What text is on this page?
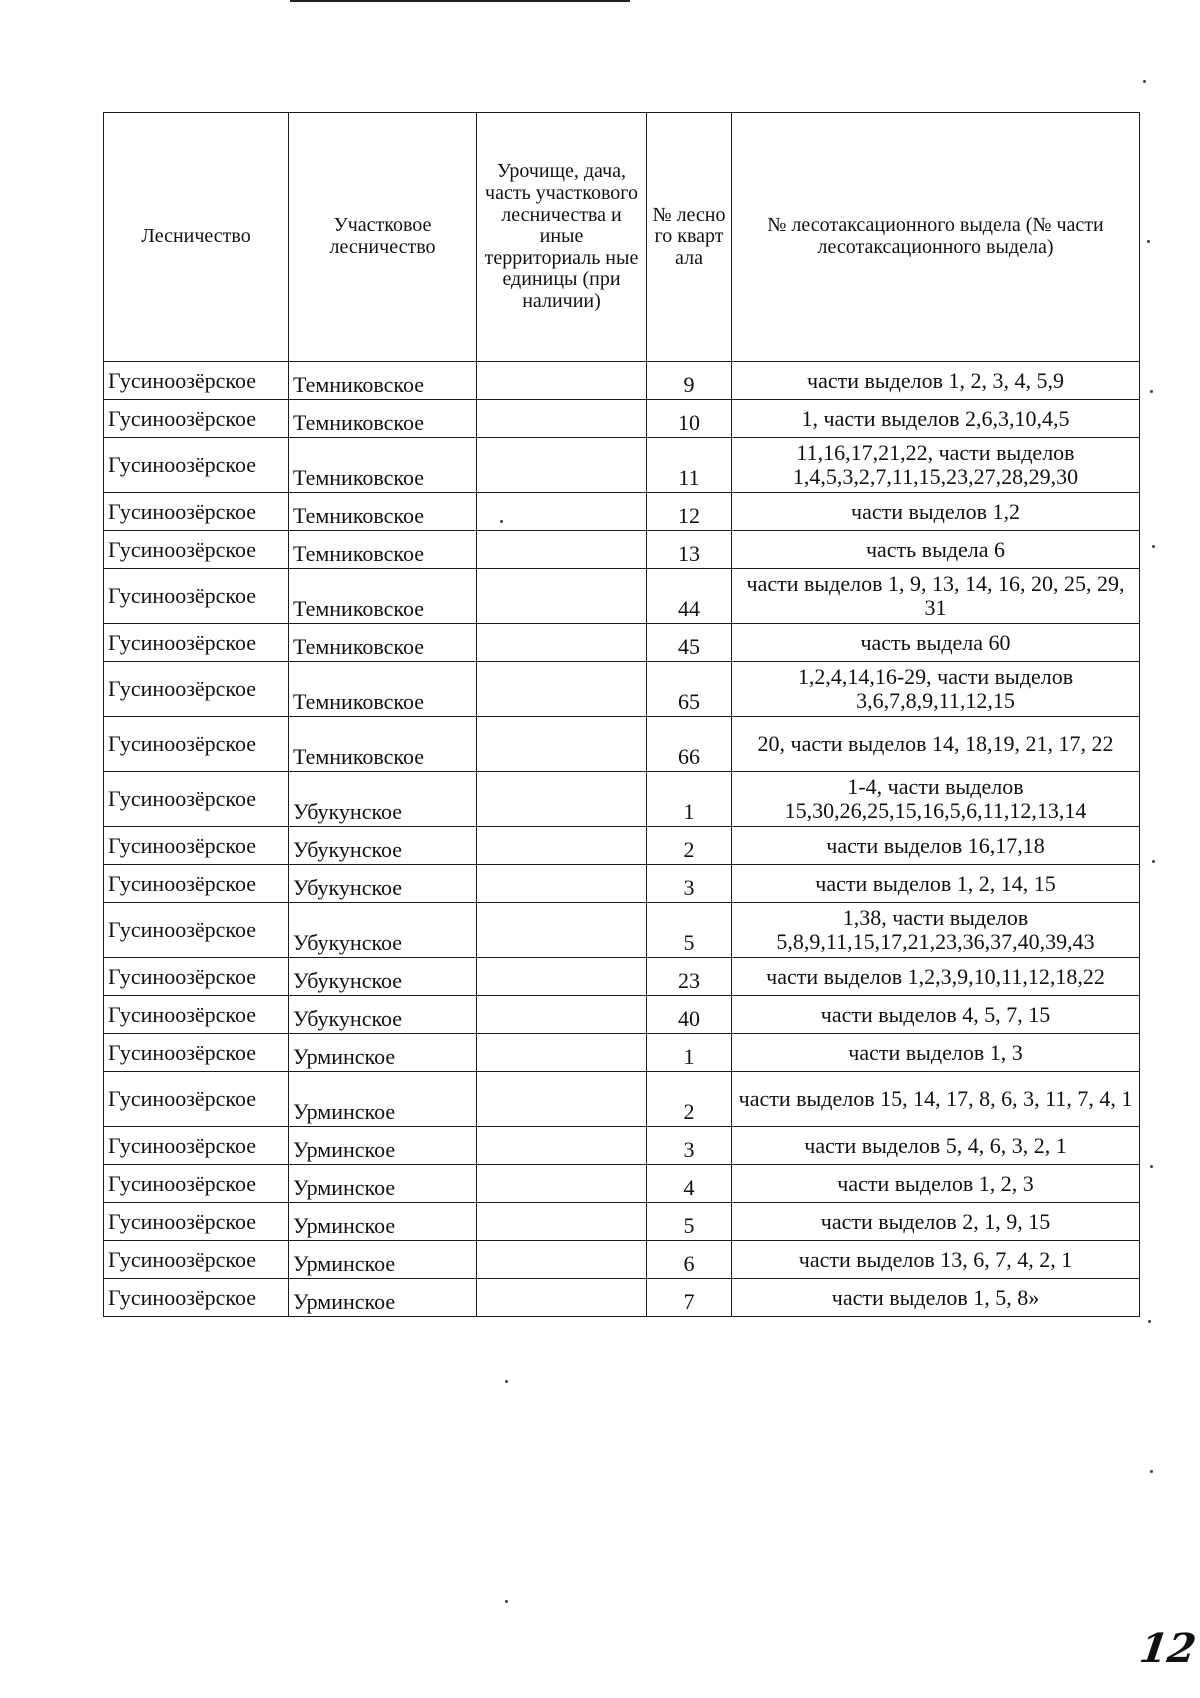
Лесничество	Участковое лесничество	Урочище, дача, часть участкового лесничества и иные территориаль ные единицы (при наличии)	№ лесно го кварт ала	№ лесотаксационного выдела (№ части лесотаксационного выдела)
Гусиноозёрское	Темниковское		9	части выделов 1, 2, 3, 4, 5,9
Гусиноозёрское	Темниковское		10	1, части выделов 2,6,3,10,4,5
Гусиноозёрское	Темниковское		11	11,16,17,21,22, части выделов 1,4,5,3,2,7,11,15,23,27,28,29,30
Гусиноозёрское	Темниковское		12	части выделов 1,2
Гусиноозёрское	Темниковское		13	часть выдела 6
Гусиноозёрское	Темниковское		44	части выделов 1, 9, 13, 14, 16, 20, 25, 29, 31
Гусиноозёрское	Темниковское		45	часть выдела 60
Гусиноозёрское	Темниковское		65	1,2,4,14,16-29, части выделов 3,6,7,8,9,11,12,15
Гусиноозёрское	Темниковское		66	20, части выделов 14, 18,19, 21, 17, 22
Гусиноозёрское	Убукунское		1	1-4, части выделов 15,30,26,25,15,16,5,6,11,12,13,14
Гусиноозёрское	Убукунское		2	части выделов 16,17,18
Гусиноозёрское	Убукунское		3	части выделов 1, 2, 14, 15
Гусиноозёрское	Убукунское		5	1,38, части выделов 5,8,9,11,15,17,21,23,36,37,40,39,43
Гусиноозёрское	Убукунское		23	части выделов 1,2,3,9,10,11,12,18,22
Гусиноозёрское	Убукунское		40	части выделов 4, 5, 7, 15
Гусиноозёрское	Урминское		1	части выделов 1, 3
Гусиноозёрское	Урминское		2	части выделов 15, 14, 17, 8, 6, 3, 11, 7, 4, 1
Гусиноозёрское	Урминское		3	части выделов 5, 4, 6, 3, 2, 1
Гусиноозёрское	Урминское		4	части выделов 1, 2, 3
Гусиноозёрское	Урминское		5	части выделов 2, 1, 9, 15
Гусиноозёрское	Урминское		6	части выделов 13, 6, 7, 4, 2, 1
Гусиноозёрское	Урминское		7	части выделов 1, 5, 8»
12
